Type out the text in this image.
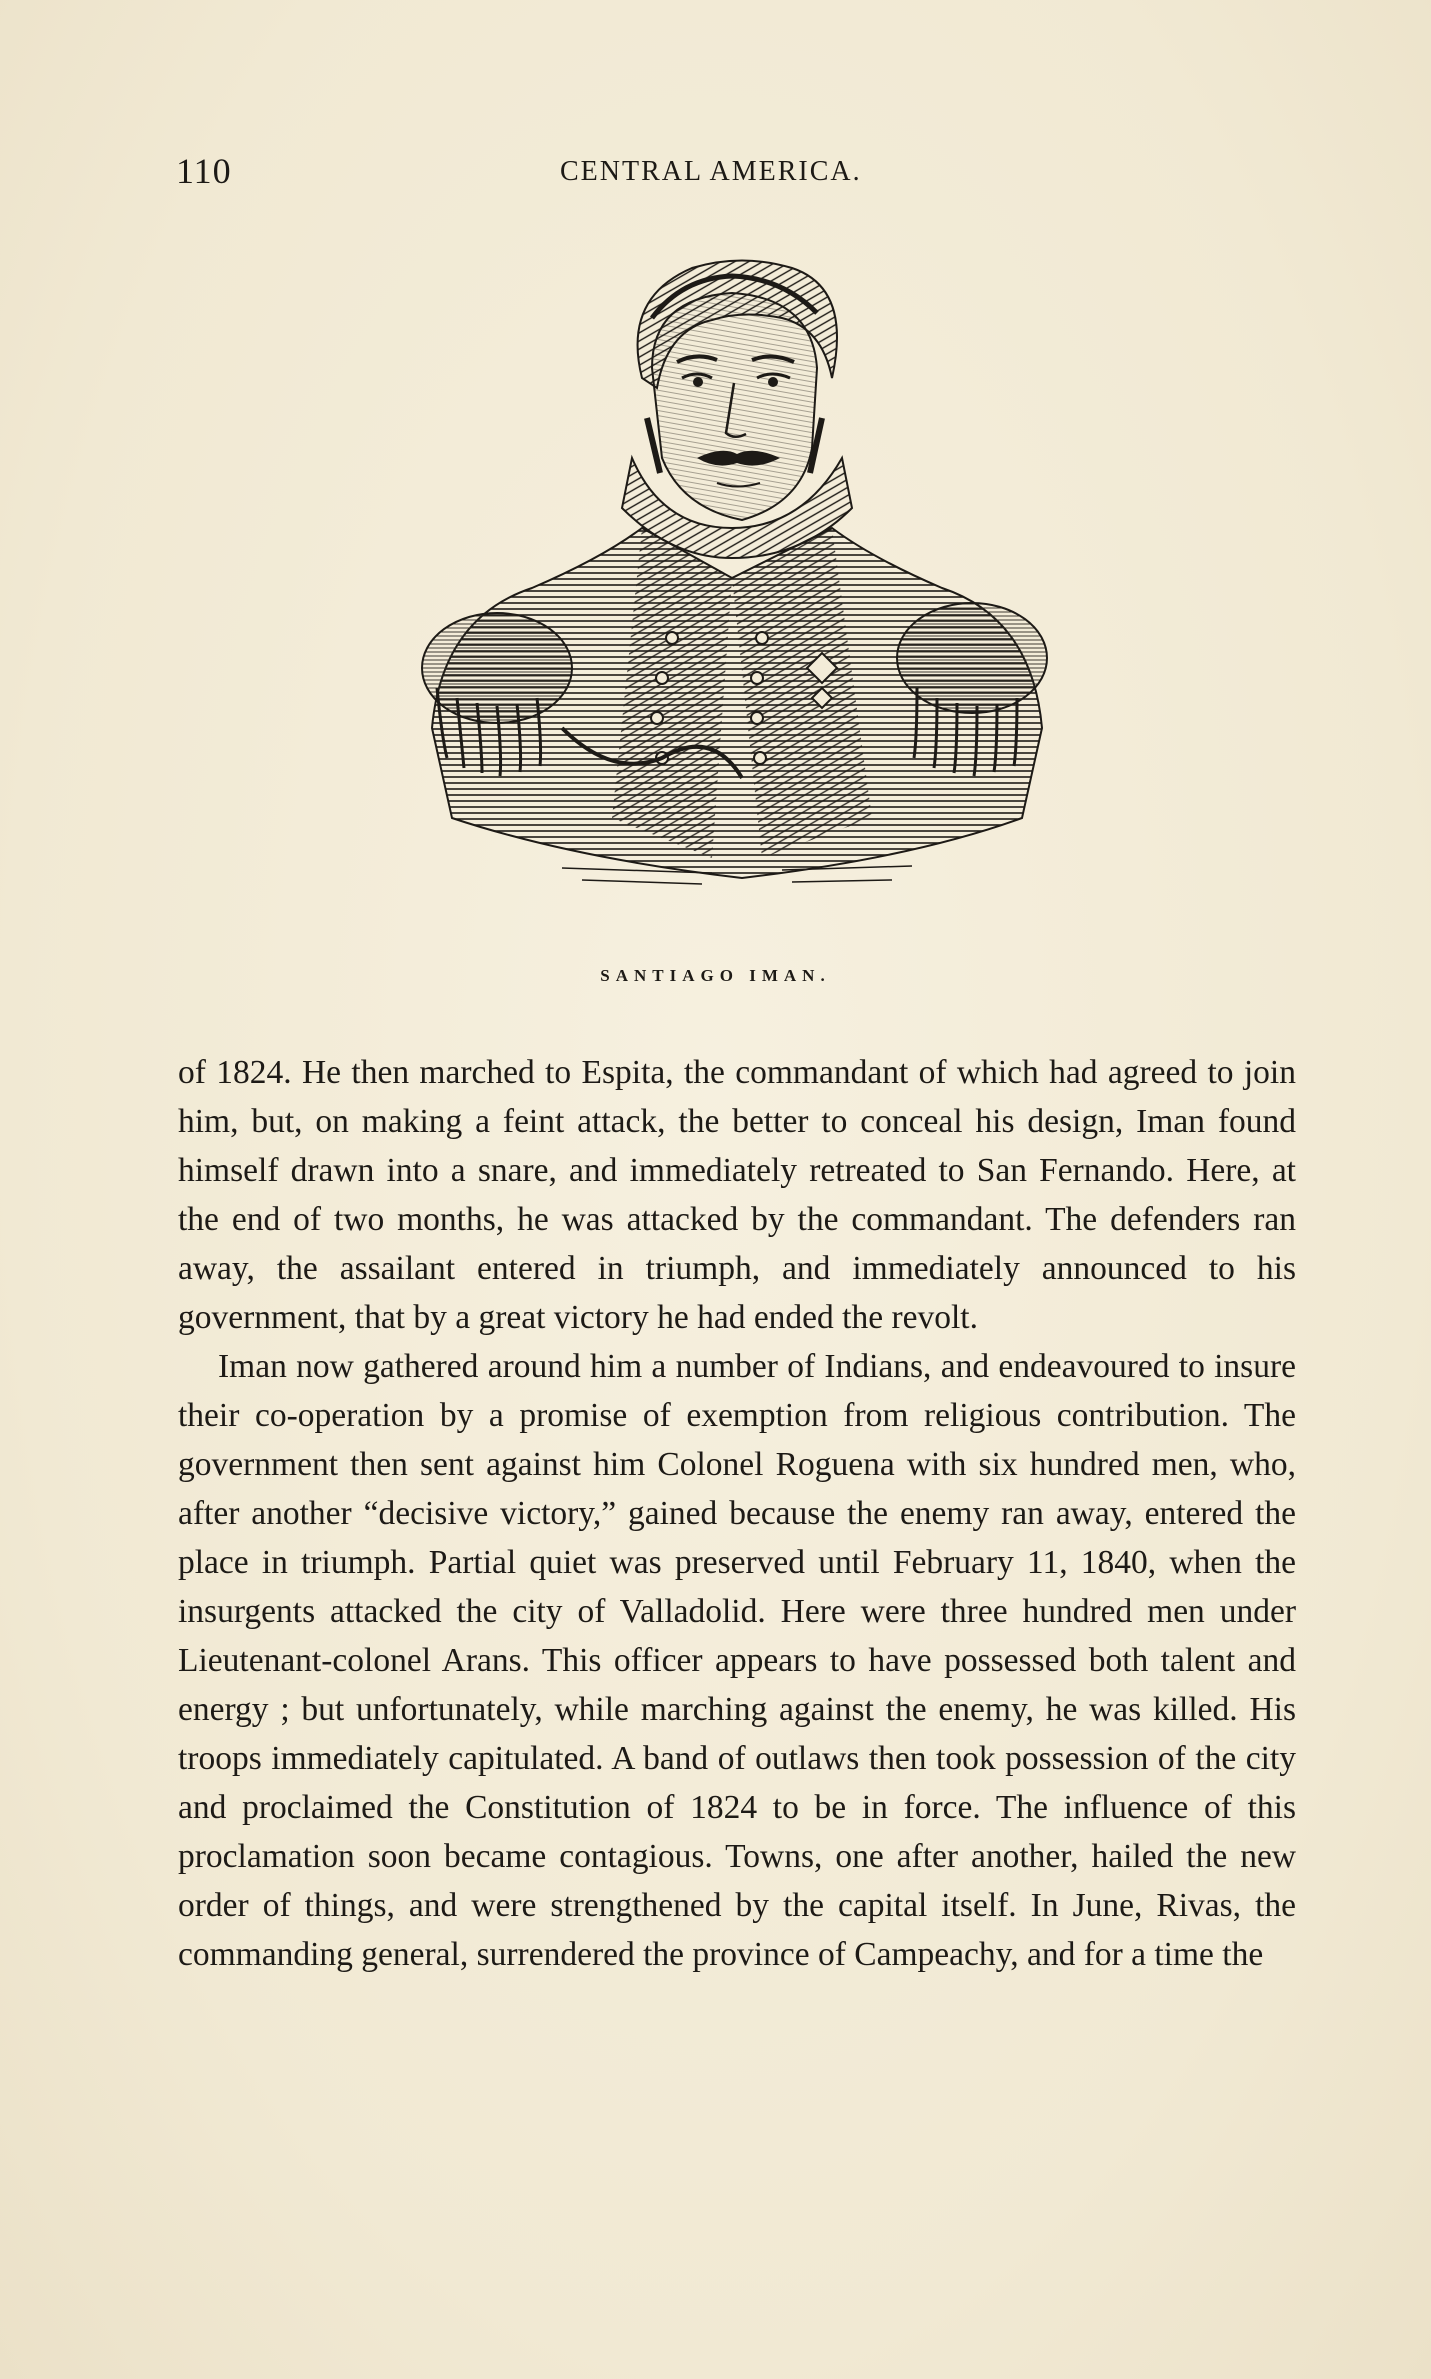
110	CENTRAL AMERICA.
SANTIAGO IMAN.

of 1824. He then marched to Espita, the commandant of which had agreed to join him, but, on making a feint attack, the better to conceal his design, Iman found himself drawn into a snare, and immediately retreated to San Fernando. Here, at the end of two months, he was attacked by the commandant. The defenders ran away, the assailant entered in triumph, and immediately announced to his government, that by a great victory he had ended the revolt.

Iman now gathered around him a number of Indians, and endeavoured to insure their co-operation by a promise of exemption from religious contribution. The government then sent against him Colonel Roguena with six hundred men, who, after another “decisive victory,” gained because the enemy ran away, entered the place in triumph. Partial quiet was preserved until February 11, 1840, when the insurgents attacked the city of Valladolid. Here were three hundred men under Lieutenant-colonel Arans. This officer appears to have possessed both talent and energy ; but unfortunately, while marching against the enemy, he was killed. His troops immediately capitulated. A band of outlaws then took possession of the city and proclaimed the Constitution of 1824 to be in force. The influence of this proclamation soon became contagious. Towns, one after another, hailed the new order of things, and were strengthened by the capital itself. In June, Rivas, the commanding general, surrendered the province of Campeachy, and for a time the
